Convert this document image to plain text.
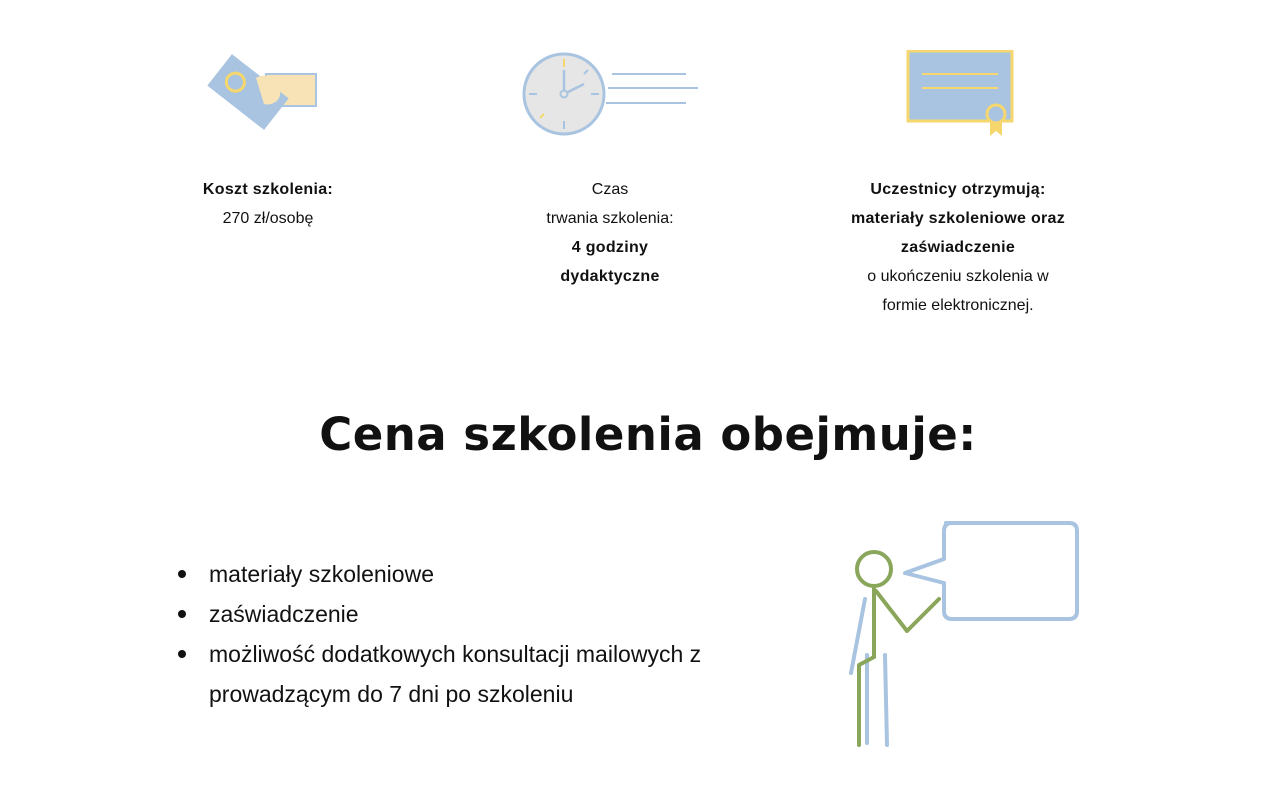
Koszt szkolenia:
270 zł/osobę
Czas
trwania szkolenia:
4 godziny
dydaktyczne
Uczestnicy otrzymują:
materiały szkoleniowe oraz
zaświadczenie
o ukończeniu szkolenia w
formie elektronicznej.
Cena szkolenia obejmuje:
materiały szkoleniowe
zaświadczenie
możliwość dodatkowych konsultacji mailowych z prowadzącym do 7 dni po szkoleniu
